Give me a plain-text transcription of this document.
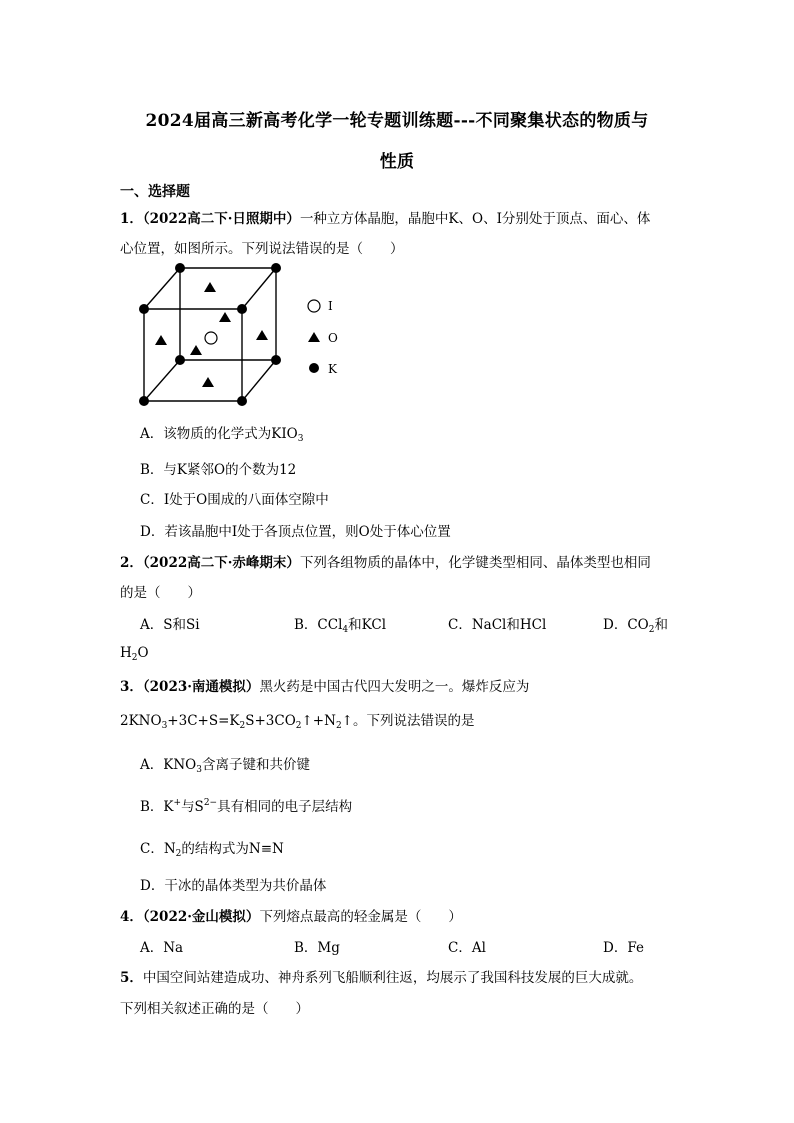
2024届高三新高考化学一轮专题训练题---不同聚集状态的物质与
性质
一、选择题
1．（2022高二下·日照期中）一种立方体晶胞，晶胞中K、O、I分别处于顶点、面心、体
心位置，如图所示。下列说法错误的是（　　）
I
O
K
A．该物质的化学式为$KIO_3$
B．与K紧邻O的个数为12
C．I处于O围成的八面体空隙中
D．若该晶胞中I处于各顶点位置，则O处于体心位置
2．（2022高二下·赤峰期末）下列各组物质的晶体中，化学键类型相同、晶体类型也相同
的是（　　）
A．S和Si	B．CCl$_4$和KCl	C．NaCl和HCl	D．$CO_2$和
$H_2O$
3．（2023·南通模拟）黑火药是中国古代四大发明之一。爆炸反应为
$2KNO_3+3C+S=K_2S+3CO_2↑+N_2↑$。下列说法错误的是
A．$KNO_3$含离子键和共价键
B．K+与$S^{2-}$具有相同的电子层结构
C．$N_2$的结构式为N≡N
D．干冰的晶体类型为共价晶体
4．（2022·金山模拟）下列熔点最高的轻金属是（　　）
A．Na	B．Mg	C．Al	D．Fe
5．中国空间站建造成功、神舟系列飞船顺利往返，均展示了我国科技发展的巨大成就。
下列相关叙述正确的是（　　）
